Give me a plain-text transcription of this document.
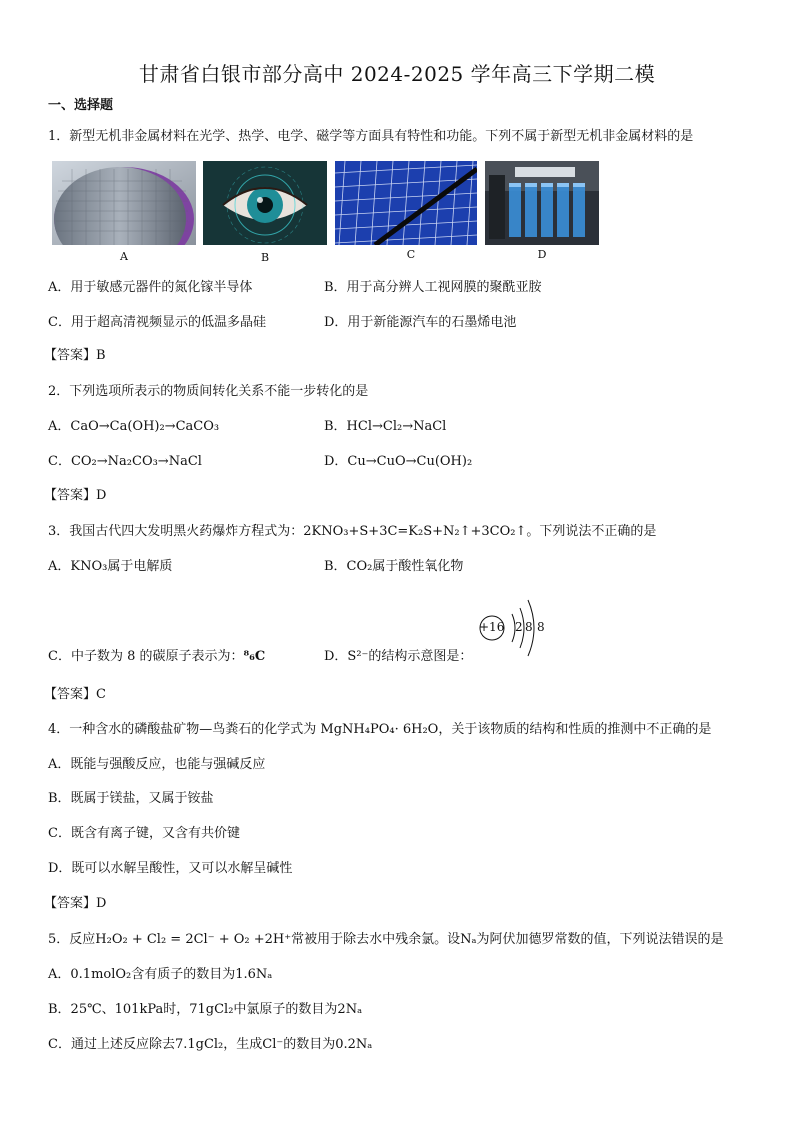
甘肃省白银市部分高中 2024-2025 学年高三下学期二模
一、选择题
1．新型无机非金属材料在光学、热学、电学、磁学等方面具有特性和功能。下列不属于新型无机非金属材料的是
A	B	C	D
A．用于敏感元器件的氮化镓半导体	B．用于高分辨人工视网膜的聚酰亚胺
C．用于超高清视频显示的低温多晶硅	D．用于新能源汽车的石墨烯电池
【答案】B
2．下列选项所表示的物质间转化关系不能一步转化的是
A．CaO→Ca(OH)₂→CaCO₃	B．HCl→Cl₂→NaCl
C．CO₂→Na₂CO₃→NaCl	D．Cu→CuO→Cu(OH)₂
【答案】D
3．我国古代四大发明黑火药爆炸方程式为：2KNO₃+S+3C=K₂S+N₂↑+3CO₂↑。下列说法不正确的是
A．KNO₃属于电解质	B．CO₂属于酸性氧化物
C．中子数为 8 的碳原子表示为：⁸₆C	D．S²⁻的结构示意图是：
+16 2 8 8
【答案】C
4．一种含水的磷酸盐矿物—鸟粪石的化学式为 MgNH₄PO₄· 6H₂O，关于该物质的结构和性质的推测中不正确的是
A．既能与强酸反应，也能与强碱反应
B．既属于镁盐，又属于铵盐
C．既含有离子键，又含有共价键
D．既可以水解呈酸性，又可以水解呈碱性
【答案】D
5．反应H₂O₂ + Cl₂ = 2Cl⁻ + O₂ +2H⁺常被用于除去水中残余氯。设Nₐ为阿伏加德罗常数的值，下列说法错误的是
A．0.1molO₂含有质子的数目为1.6Nₐ
B．25℃、101kPa时，71gCl₂中氯原子的数目为2Nₐ
C．通过上述反应除去7.1gCl₂，生成Cl⁻的数目为0.2Nₐ
